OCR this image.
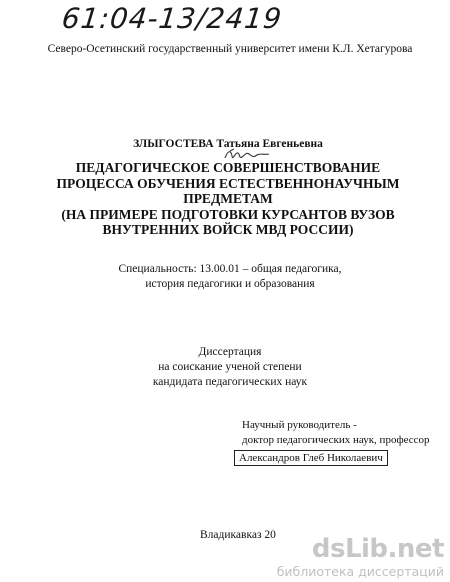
61:04-13/2419
Северо-Осетинский государственный университет имени К.Л. Хетагурова
ЗЛЫГОСТЕВА Татьяна Евгеньевна
ПЕДАГОГИЧЕСКОЕ СОВЕРШЕНСТВОВАНИЕ
ПРОЦЕССА ОБУЧЕНИЯ ЕСТЕСТВЕННОНАУЧНЫМ
ПРЕДМЕТАМ
(НА ПРИМЕРЕ ПОДГОТОВКИ КУРСАНТОВ ВУЗОВ
ВНУТРЕННИХ ВОЙСК МВД РОССИИ)
Специальность: 13.00.01 – общая педагогика,
история педагогики и образования
Диссертация
на соискание ученой степени
кандидата педагогических наук
Научный руководитель -
доктор педагогических наук, профессор
Александров Глеб Николаевич
Владикавказ 20	dsLib.net
библиотека диссертаций
